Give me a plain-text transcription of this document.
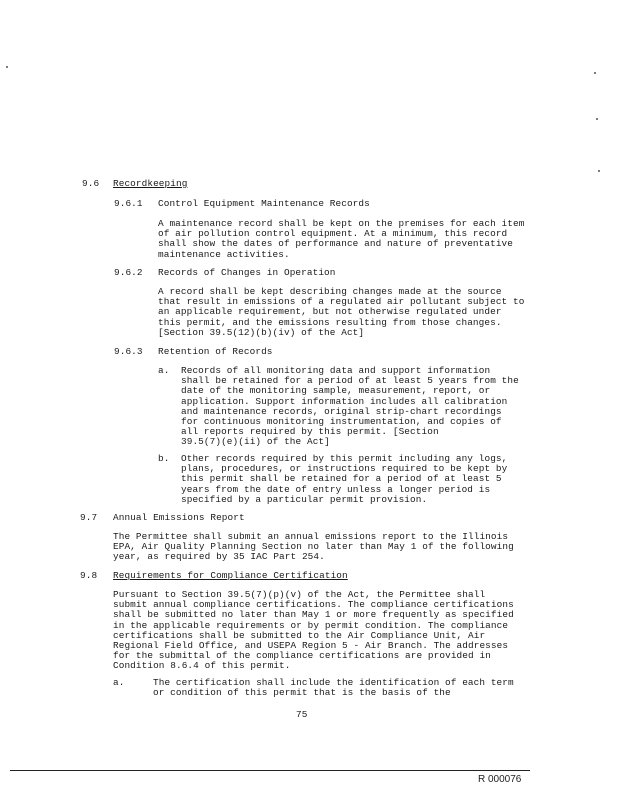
9.6 Recordkeeping
9.6.1 Control Equipment Maintenance Records
A maintenance record shall be kept on the premises for each item
of air pollution control equipment. At a minimum, this record
shall show the dates of performance and nature of preventative
maintenance activities.
9.6.2 Records of Changes in Operation
A record shall be kept describing changes made at the source
that result in emissions of a regulated air pollutant subject to
an applicable requirement, but not otherwise regulated under
this permit, and the emissions resulting from those changes.
[Section 39.5(12)(b)(iv) of the Act]
9.6.3 Retention of Records
a. Records of all monitoring data and support information
shall be retained for a period of at least 5 years from the
date of the monitoring sample, measurement, report, or
application. Support information includes all calibration
and maintenance records, original strip-chart recordings
for continuous monitoring instrumentation, and copies of
all reports required by this permit. [Section
39.5(7)(e)(ii) of the Act]
b. Other records required by this permit including any logs,
plans, procedures, or instructions required to be kept by
this permit shall be retained for a period of at least 5
years from the date of entry unless a longer period is
specified by a particular permit provision.
9.7 Annual Emissions Report
The Permittee shall submit an annual emissions report to the Illinois
EPA, Air Quality Planning Section no later than May 1 of the following
year, as required by 35 IAC Part 254.
9.8 Requirements for Compliance Certification
Pursuant to Section 39.5(7)(p)(v) of the Act, the Permittee shall
submit annual compliance certifications. The compliance certifications
shall be submitted no later than May 1 or more frequently as specified
in the applicable requirements or by permit condition. The compliance
certifications shall be submitted to the Air Compliance Unit, Air
Regional Field Office, and USEPA Region 5 - Air Branch. The addresses
for the submittal of the compliance certifications are provided in
Condition 8.6.4 of this permit.
a.	The certification shall include the identification of each term
or condition of this permit that is the basis of the
75
R 000076
